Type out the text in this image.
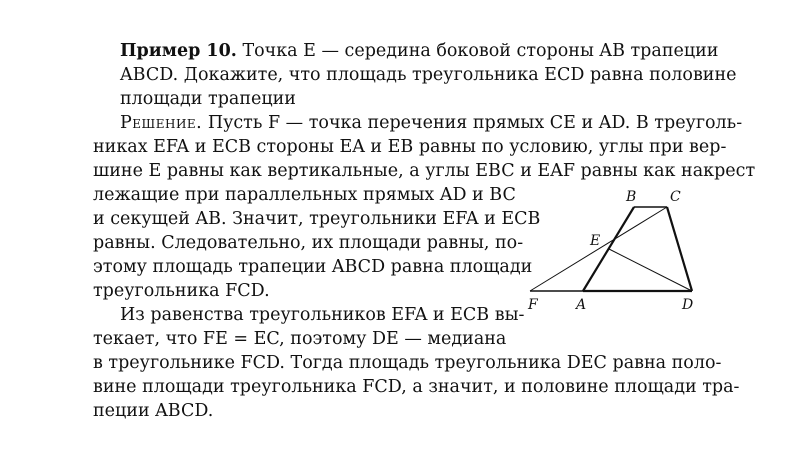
Пример 10. Точка E — середина боковой стороны AB трапеции
ABCD. Докажите, что площадь треугольника ECD равна половине
площади трапеции
Решение. Пусть F — точка перечения прямых CE и AD. В треуголь-
никах EFA и ECB стороны EA и EB равны по условию, углы при вер-
шине E равны как вертикальные, а углы EBC и EAF равны как накрест
лежащие при параллельных прямых AD и BC
и секущей AB. Значит, треугольники EFA и ECB
равны. Следовательно, их площади равны, по-
этому площадь трапеции ABCD равна площади
треугольника FCD.
Из равенства треугольников EFA и ECB вы-
текает, что FE = EC, поэтому DE — медиана
в треугольнике FCD. Тогда площадь треугольника DEC равна поло-
вине площади треугольника FCD, а значит, и половине площади тра-
пеции ABCD.
B C
E
F	A	D
